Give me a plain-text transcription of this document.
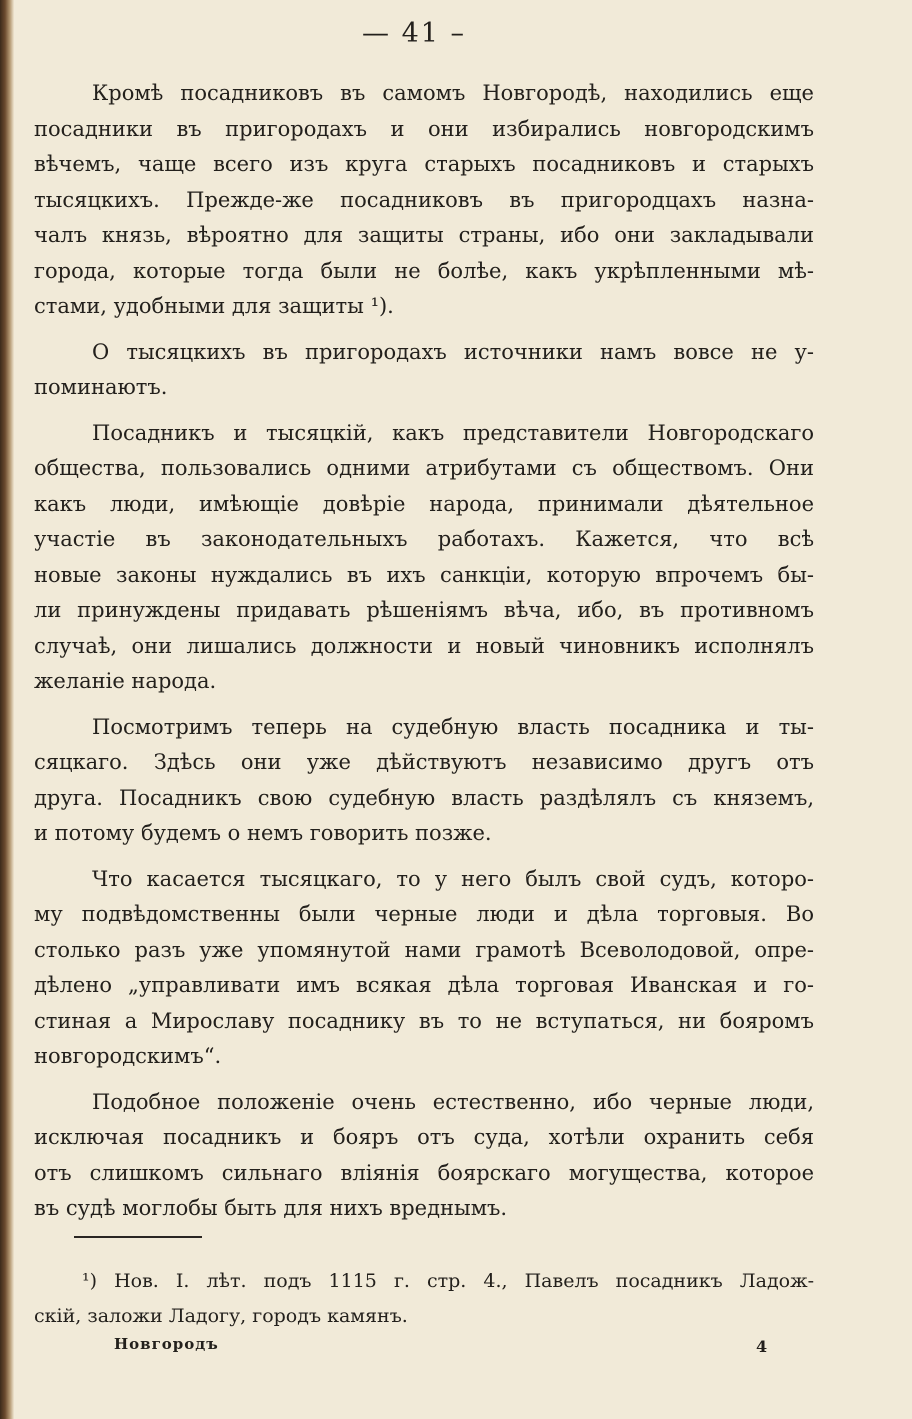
— 41 –

Кромѣ посадниковъ въ самомъ Новгородѣ, находились еще
посадники въ пригородахъ и они избирались новгородскимъ
вѣчемъ, чаще всего изъ круга старыхъ посадниковъ и старыхъ
тысяцкихъ. Прежде-же посадниковъ въ пригородцахъ назна-
чалъ князь, вѣроятно для защиты страны, ибо они закладывали
города, которые тогда были не болѣе, какъ укрѣпленными мѣ-
стами, удобными для защиты ¹).

О тысяцкихъ въ пригородахъ источники намъ вовсе не у-
поминаютъ.

Посадникъ и тысяцкій, какъ представители Новгородскаго
общества, пользовались одними атрибутами съ обществомъ. Они
какъ люди, имѣющіе довѣріе народа, принимали дѣятельное
участіе въ законодательныхъ работахъ. Кажется, что всѣ
новые законы нуждались въ ихъ санкціи, которую впрочемъ бы-
ли принуждены придавать рѣшеніямъ вѣча, ибо, въ противномъ
случаѣ, они лишались должности и новый чиновникъ исполнялъ
желаніе народа.

Посмотримъ теперь на судебную власть посадника и ты-
сяцкаго. Здѣсь они уже дѣйствуютъ независимо другъ отъ
друга. Посадникъ свою судебную власть раздѣлялъ съ княземъ,
и потому будемъ о немъ говорить позже.

Что касается тысяцкаго, то у него былъ свой судъ, которо-
му подвѣдомственны были черные люди и дѣла торговыя. Во
столько разъ уже упомянутой нами грамотѣ Всеволодовой, опре-
дѣлено „управливати имъ всякая дѣла торговая Иванская и го-
стиная а Мирославу посаднику въ то не вступаться, ни бояромъ
новгородскимъ“.

Подобное положеніе очень естественно, ибо черные люди,
исключая посадникъ и бояръ отъ суда, хотѣли охранить себя
отъ слишкомъ сильнаго вліянія боярскаго могущества, которое
въ судѣ моглобы быть для нихъ вреднымъ.

¹) Нов. І. лѣт. подъ 1115 г. стр. 4., Павелъ посадникъ Ладож-
скій, заложи Ладогу, городъ камянъ.
Новгородъ	4
